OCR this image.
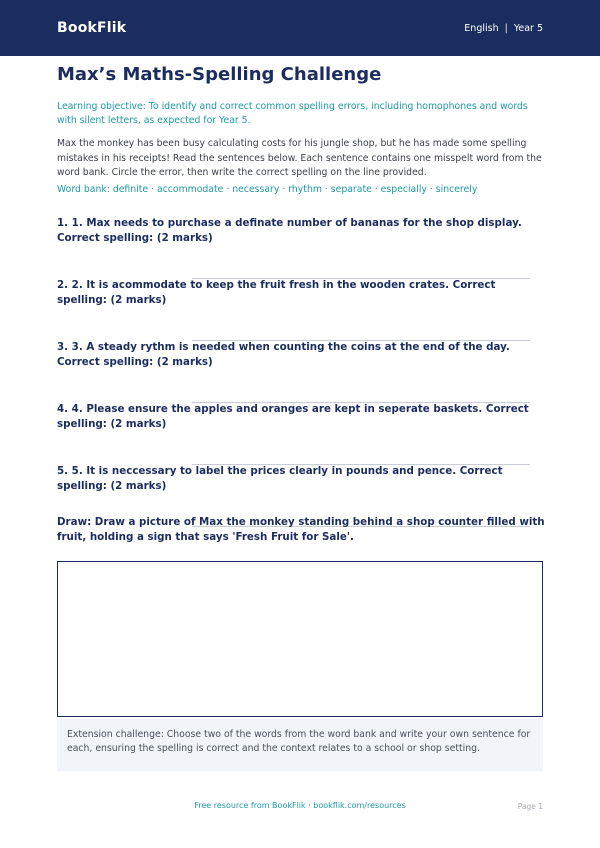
BookFlik	English | Year 5
Max’s Maths-Spelling Challenge

Learning objective: To identify and correct common spelling errors, including homophones and words with silent letters, as expected for Year 5.

Max the monkey has been busy calculating costs for his jungle shop, but he has made some spelling mistakes in his receipts! Read the sentences below. Each sentence contains one misspelt word from the word bank. Circle the error, then write the correct spelling on the line provided.

Word bank: definite · accommodate · necessary · rhythm · separate · especially · sincerely

1. 1. Max needs to purchase a definate number of bananas for the shop display. Correct spelling: (2 marks)
2. 2. It is acommodate to keep the fruit fresh in the wooden crates. Correct spelling: (2 marks)
3. 3. A steady rythm is needed when counting the coins at the end of the day. Correct spelling: (2 marks)
4. 4. Please ensure the apples and oranges are kept in seperate baskets. Correct spelling: (2 marks)
5. 5. It is neccessary to label the prices clearly in pounds and pence. Correct spelling: (2 marks)
Draw: Draw a picture of Max the monkey standing behind a shop counter filled with fruit, holding a sign that says 'Fresh Fruit for Sale'.
Extension challenge: Choose two of the words from the word bank and write your own sentence for each, ensuring the spelling is correct and the context relates to a school or shop setting.
Free resource from BookFlik · bookflik.com/resources	Page 1
